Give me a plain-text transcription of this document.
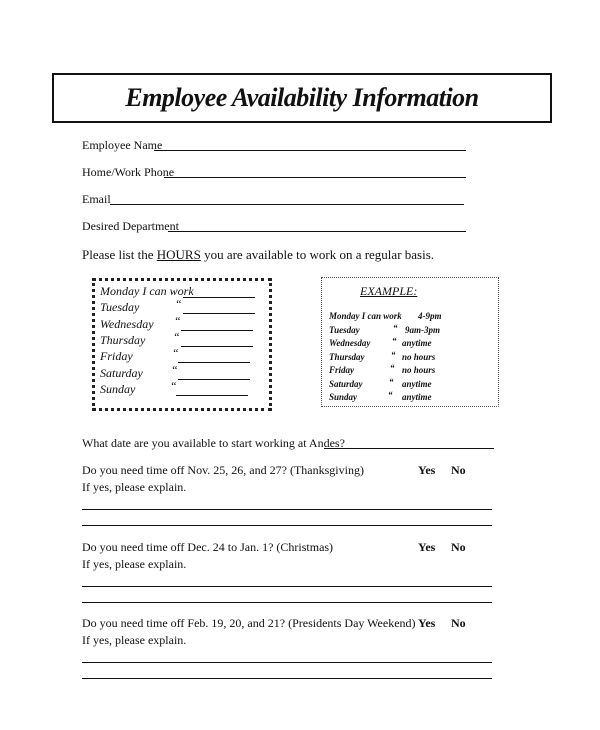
Employee Availability Information
Employee Name
Home/Work Phone
Email
Desired Department
Please list the HOURS you are available to work on a regular basis.
Monday I can work
Tuesday	“
Wednesday “
Thursday “
Friday	“
Saturday “
Sunday	“
EXAMPLE:
Monday I can work 4-9pm
Tuesday	“ 9am-3pm
Wednesday “ anytime
Thursday	“ no hours
Friday	“ no hours
Saturday	“ anytime
Sunday	“ anytime
What date are you available to start working at Andes?
Do you need time off Nov. 25, 26, and 27? (Thanksgiving)	Yes No
If yes, please explain.
Do you need time off Dec. 24 to Jan. 1? (Christmas)	Yes No
If yes, please explain.
Do you need time off Feb. 19, 20, and 21? (Presidents Day Weekend) Yes No
If yes, please explain.
